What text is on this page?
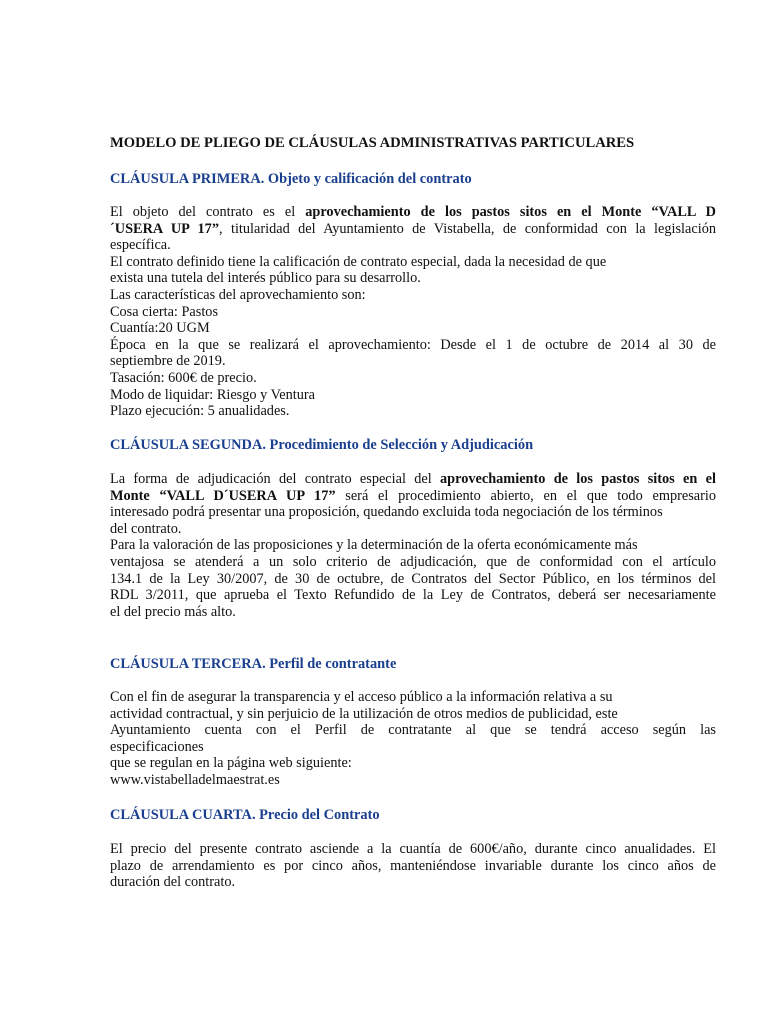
MODELO DE PLIEGO DE CLÁUSULAS ADMINISTRATIVAS PARTICULARES
CLÁUSULA PRIMERA. Objeto y calificación del contrato
El objeto del contrato es el aprovechamiento de los pastos sitos en el Monte “VALL D
´USERA UP 17”, titularidad del Ayuntamiento de Vistabella, de conformidad con la legislación
específica.
El contrato definido tiene la calificación de contrato especial, dada la necesidad de que
exista una tutela del interés público para su desarrollo.
Las características del aprovechamiento son:
Cosa cierta: Pastos
Cuantía:20 UGM
Época en la que se realizará el aprovechamiento: Desde el 1 de octubre de 2014 al 30 de
septiembre de 2019.
Tasación: 600€ de precio.
Modo de liquidar: Riesgo y Ventura
Plazo ejecución: 5 anualidades.
CLÁUSULA SEGUNDA. Procedimiento de Selección y Adjudicación
La forma de adjudicación del contrato especial del aprovechamiento de los pastos sitos en el
Monte “VALL D´USERA UP 17” será el procedimiento abierto, en el que todo empresario
interesado podrá presentar una proposición, quedando excluida toda negociación de los términos
del contrato.
Para la valoración de las proposiciones y la determinación de la oferta económicamente más
ventajosa se atenderá a un solo criterio de adjudicación, que de conformidad con el artículo
134.1 de la Ley 30/2007, de 30 de octubre, de Contratos del Sector Público, en los términos del
RDL 3/2011, que aprueba el Texto Refundido de la Ley de Contratos, deberá ser necesariamente
el del precio más alto.
CLÁUSULA TERCERA. Perfil de contratante
Con el fin de asegurar la transparencia y el acceso público a la información relativa a su
actividad contractual, y sin perjuicio de la utilización de otros medios de publicidad, este
Ayuntamiento cuenta con el Perfil de contratante al que se tendrá acceso según las
especificaciones
que se regulan en la página web siguiente:
www.vistabelladelmaestrat.es
CLÁUSULA CUARTA. Precio del Contrato
El precio del presente contrato asciende a la cuantía de 600€/año, durante cinco anualidades. El
plazo de arrendamiento es por cinco años, manteniéndose invariable durante los cinco años de
duración del contrato.
